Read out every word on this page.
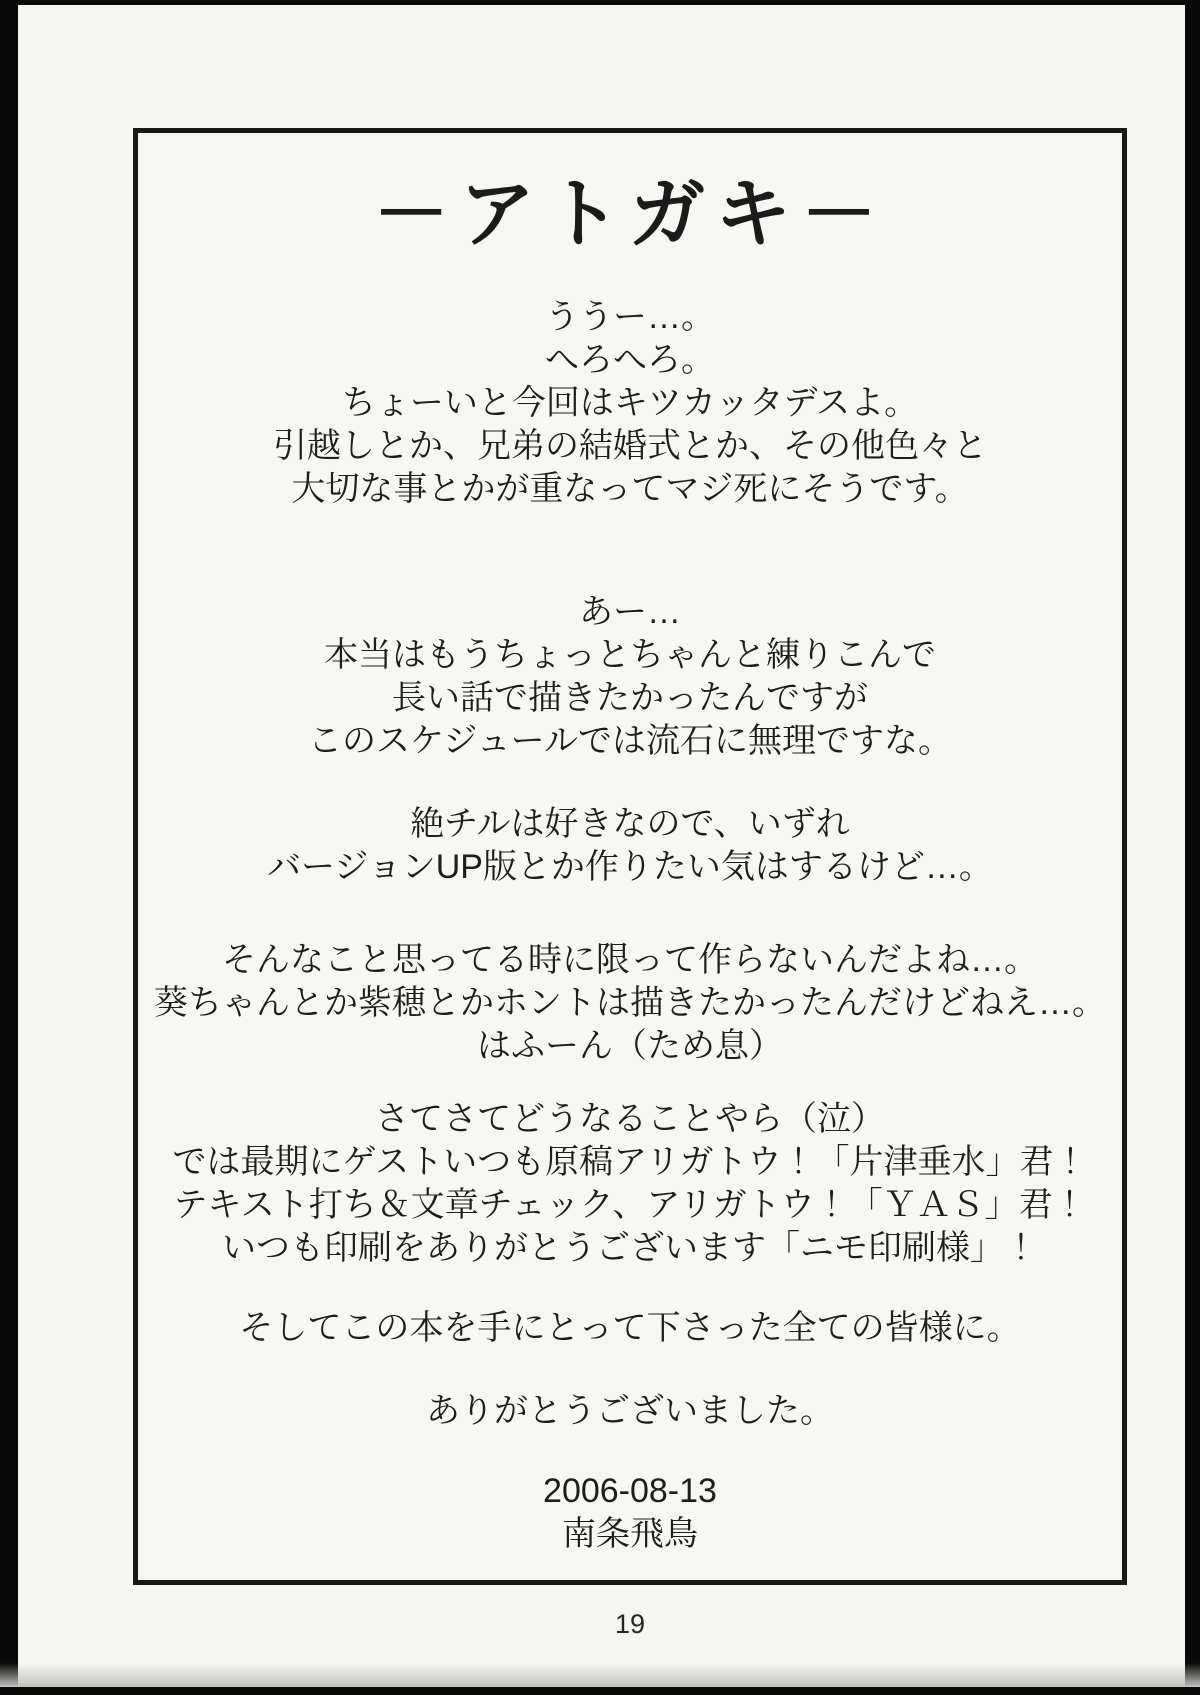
－アトガキ－
ううー…。
へろへろ。
ちょーいと今回はキツカッタデスよ。
引越しとか、兄弟の結婚式とか、その他色々と
大切な事とかが重なってマジ死にそうです。
あー…
本当はもうちょっとちゃんと練りこんで
長い話で描きたかったんですが
このスケジュールでは流石に無理ですな。
絶チルは好きなので、いずれ
バージョンUP版とか作りたい気はするけど…。
そんなこと思ってる時に限って作らないんだよね…。
葵ちゃんとか紫穂とかホントは描きたかったんだけどねえ…。
はふーん（ため息）
さてさてどうなることやら（泣）
では最期にゲストいつも原稿アリガトウ！「片津垂水」君！
テキスト打ち＆文章チェック、アリガトウ！「ＹＡＳ」君！
いつも印刷をありがとうございます「ニモ印刷様」！
そしてこの本を手にとって下さった全ての皆様に。
ありがとうございました。
2006-08-13
南条飛鳥
19
